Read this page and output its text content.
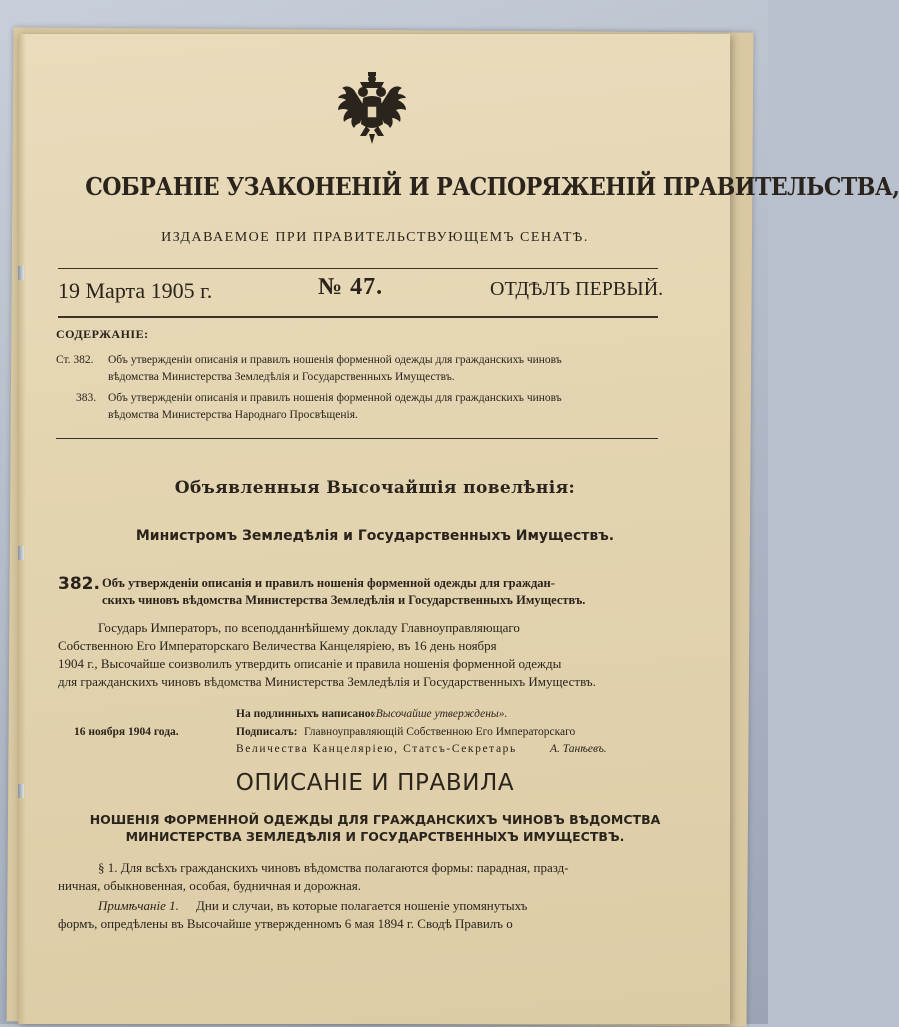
СОБРАНІЕ УЗАКОНЕНІЙ И РАСПОРЯЖЕНІЙ ПРАВИТЕЛЬСТВА,
ИЗДАВАЕМОЕ ПРИ ПРАВИТЕЛЬСТВУЮЩЕМЪ СЕНАТѢ.
19 Марта 1905 г.	№ 47.	ОТДѢЛЪ ПЕРВЫЙ.
СОДЕРЖАНІЕ:
Ст. 382. Объ утвержденіи описанія и правилъ ношенія форменной одежды для гражданскихъ чиновъ
вѣдомства Министерства Земледѣлія и Государственныхъ Имуществъ.
383. Объ утвержденіи описанія и правилъ ношенія форменной одежды для гражданскихъ чиновъ
вѣдомства Министерства Народнаго Просвѣщенія.
Объявленныя Высочайшія повелѣнія:
Министромъ Земледѣлія и Государственныхъ Имуществъ.
382. Объ утвержденіи описанія и правилъ ношенія форменной одежды для граждан-
скихъ чиновъ вѣдомства Министерства Земледѣлія и Государственныхъ Имуществъ.
Государь Императоръ, по всеподданнѣйшему докладу Главноуправляющаго
Собственною Его Императорскаго Величества Канцеляріею, въ 16 день ноября
1904 г., Высочайше соизволилъ утвердить описаніе и правила ношенія форменной одежды
для гражданскихъ чиновъ вѣдомства Министерства Земледѣлія и Государственныхъ Имуществъ.
На подлинныхъ написано:
«Высочайше утверждены».
16 ноября 1904 года.	Подписалъ: Главноуправляющій Собственною Его Императорскаго
Величества Канцеляріею, Статсъ-Секретарь	А. Танѣевъ.
ОПИСАНІЕ И ПРАВИЛА
НОШЕНІЯ ФОРМЕННОЙ ОДЕЖДЫ ДЛЯ ГРАЖДАНСКИХЪ ЧИНОВЪ ВѢДОМСТВА
МИНИСТЕРСТВА ЗЕМЛЕДѢЛІЯ И ГОСУДАРСТВЕННЫХЪ ИМУЩЕСТВЪ.
§ 1. Для всѣхъ гражданскихъ чиновъ вѣдомства полагаются формы: парадная, празд-
ничная, обыкновенная, особая, будничная и дорожная.
Примѣчаніе 1. Дни и случаи, въ которые полагается ношеніе упомянутыхъ
формъ, опредѣлены въ Высочайше утвержденномъ 6 мая 1894 г. Сводѣ Правилъ о
